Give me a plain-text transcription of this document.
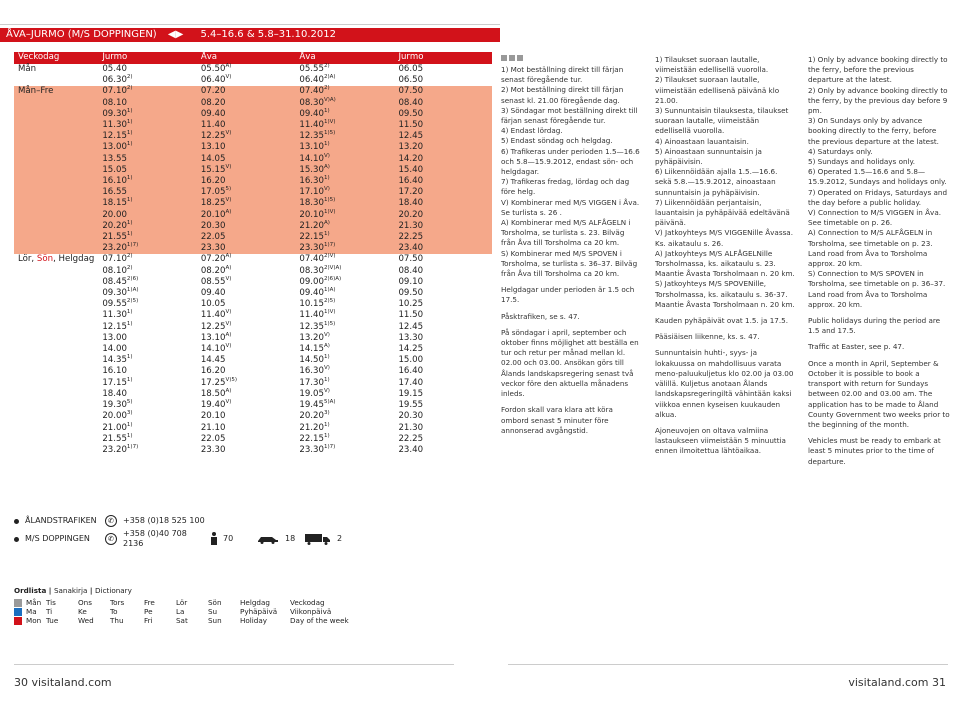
ÅVA–JURMO (M/S DOPPINGEN) ◀▶ 5.4–16.6 & 5.8–31.10.2012
Veckodag	Jurmo	Åva	Åva	Jurmo
Mån	05.40	$05.50^{A)}$	05.55$^{2)}$	06.05
	06.30$^{2)}$	$06.40^{V)}$	$06.40^{2)A)}$	06.50
Mån–Fre	07.10$^{2)}$	07.20	07.40$^{2)}$	07.50
	08.10	08.20	$08.30^{V)A)}$	08.40
	09.30$^{1)}$	09.40	09.40$^{1)}$	09.50
	11.30$^{1)}$	11.40	$11.40^{1)V)}$	11.50
	12.15$^{1)}$	$12.25^{V)}$	$12.35^{1)5)}$	12.45
	13.00$^{1)}$	13.10	13.10$^{1)}$	13.20
	13.55	14.05	$14.10^{V)}$	14.20
	15.05	$15.15^{V)}$	$15.30^{A)}$	15.40
	16.10$^{1)}$	16.20	16.30$^{1)}$	16.40
	16.55	17.05$^{5)}$	$17.10^{V)}$	17.20
	18.15$^{1)}$	$18.25^{V)}$	$18.30^{1)5)}$	18.40
	20.00	$20.10^{A)}$	$20.10^{1)V)}$	20.20
	20.20$^{1)}$	20.30	$21.20^{A)}$	21.30
	21.55$^{1)}$	22.05	22.15$^{1)}$	22.25
	$23.20^{1)7)}$	23.30	$23.30^{1)7)}$	23.40
Lör, Sön, Helgdag	07.10$^{2)}$	$07.20^{A)}$	$07.40^{2)V)}$	07.50
	08.10$^{2)}$	$08.20^{A)}$	$08.30^{2)V)A)}$	08.40
	$08.45^{2)6)}$	$08.55^{V)}$	$09.00^{2)6)A)}$	09.10
	$09.30^{1)A)}$	09.40	$09.40^{1)A)}$	09.50
	$09.55^{2)5)}$	10.05	$10.15^{2)5)}$	10.25
	11.30$^{1)}$	$11.40^{V)}$	$11.40^{1)V)}$	11.50
	12.15$^{1)}$	$12.25^{V)}$	$12.35^{1)5)}$	12.45
	13.00	$13.10^{A)}$	$13.20^{V)}$	13.30
	14.00	$14.10^{V)}$	$14.15^{A)}$	14.25
	14.35$^{1)}$	14.45	14.50$^{1)}$	15.00
	16.10	16.20	$16.30^{V)}$	16.40
	17.15$^{1)}$	$17.25^{V)5)}$	17.30$^{1)}$	17.40
	18.40	$18.50^{A)}$	$19.05^{V)}$	19.15
	19.30$^{5)}$	$19.40^{V)}$	$19.45^{5)A)}$	19.55
	20.00$^{3)}$	20.10	20.20$^{3)}$	20.30
	21.00$^{1)}$	21.10	21.20$^{1)}$	21.30
	21.55$^{1)}$	22.05	22.15$^{1)}$	22.25
	$23.20^{1)7)}$	23.30	$23.30^{1)7)}$	23.40

1) Mot beställning direkt till färjan senast föregående tur.

2) Mot beställning direkt till färjan senast kl. 21.00 föregående dag.

3) Söndagar mot beställning direkt till färjan senast föregående tur.

4) Endast lördag.

5) Endast söndag och helgdag.

6) Trafikeras under perioden 1.5—16.6 och 5.8—15.9.2012, endast sön- och helgdagar.

7) Trafikeras fredag, lördag och dag före helg.

V) Kombinerar med M/S VIGGEN i Åva. Se turlista s. 26 .

A) Kombinerar med M/S ALFÅGELN i Torsholma, se turlista s. 23. Bilväg från Åva till Torsholma ca 20 km.

S) Kombinerar med M/S SPOVEN i Torsholma, se turlista s. 36–37. Bilväg från Åva till Torsholma ca 20 km.

Helgdagar under perioden är 1.5 och 17.5.

Påsktrafiken, se s. 47.

På söndagar i april, september och oktober finns möjlighet att beställa en tur och retur per månad mellan kl. 02.00 och 03.00. Ansökan görs till Ålands landskapsregering senast två veckor före den aktuella månadens inleds.

Fordon skall vara klara att köra ombord senast 5 minuter före annonserad avgångstid.

1) Tilaukset suoraan lautalle, viimeistään edellisellä vuorolla.

2) Tilaukset suoraan lautalle, viimeistään edellisenä päivänä klo 21.00.

3) Sunnuntaisin tilauksesta, tilaukset suoraan lautalle, viimeistään edellisellä vuorolla.

4) Ainoastaan lauantaisin.

5) Ainoastaan sunnuntaisin ja pyhäpäivisin.

6) Liikennöidään ajalla 1.5.—16.6. sekä 5.8.—15.9.2012, ainoastaan sunnuntaisin ja pyhäpäivisin.

7) Liikennöidään perjantaisin, lauantaisin ja pyhäpäivää edeltävänä päivänä.

V) Jatkoyhteys M/S VIGGENille Åvassa. Ks. aikataulu s. 26.

A) Jatkoyhteys M/S ALFÅGELNille Torsholmassa, ks. aikataulu s. 23. Maantie Åvasta Torsholmaan n. 20 km.

S) Jatkoyhteys M/S SPOVENille, Torsholmassa, ks. aikataulu s. 36-37. Maantie Åvasta Torsholmaan n. 20 km.

Kauden pyhäpäivät ovat 1.5. ja 17.5.

Pääsiäisen liikenne, ks. s. 47.

Sunnuntaisin huhti-, syys- ja lokakuussa on mahdollisuus varata meno-paluukuljetus klo 02.00 ja 03.00 välillä. Kuljetus anotaan Ålands landskapsregeringiltä vähintään kaksi viikkoa ennen kyseisen kuukauden alkua.

Ajoneuvojen on oltava valmiina lastaukseen viimeistään 5 minuuttia ennen ilmoitettua lähtöaikaa.

1) Only by advance booking directly to the ferry, before the previous departure at the latest.

2) Only by advance booking directly to the ferry, by the previous day before 9 pm.

3) On Sundays only by advance booking directly to the ferry, before the previous departure at the latest.

4) Saturdays only.

5) Sundays and holidays only.

6) Operated 1.5—16.6 and 5.8—15.9.2012, Sundays and holidays only.

7) Operated on Fridays, Saturdays and the day before a public holiday.

V) Connection to M/S VIGGEN in Åva. See timetable on p. 26.

A) Connection to M/S ALFÅGELN in Torsholma, see timetable on p. 23. Land road from Åva to Torsholma approx. 20 km.

S) Connection to M/S SPOVEN in Torsholma, see timetable on p. 36–37. Land road from Åva to Torsholma approx. 20 km.

Public holidays during the period are 1.5 and 17.5.

Traffic at Easter, see p. 47.

Once a month in April, September & October it is possible to book a transport with return for Sundays between 02.00 and 03.00 am. The application has to be made to Åland County Government two weeks prior to the beginning of the month.

Vehicles must be ready to embark at least 5 minutes prior to the time of departure.

ÅLANDSTRAFIKEN	✆	+358 (0)18 525 100
M/S DOPPINGEN	✆
+358 (0)40 708 2136
70	18	2
Ordlista | Sanakirja | Dictionary
Mån	Tis	Ons	Tors	Fre	Lör	Sön	Helgdag	Veckodag
Ma	Ti	Ke	To	Pe	La	Su	Pyhäpäivä	Viikonpäivä
Mon	Tue	Wed	Thu	Fri	Sat	Sun	Holiday	Day of the week
30 visitaland.com	visitaland.com 31
